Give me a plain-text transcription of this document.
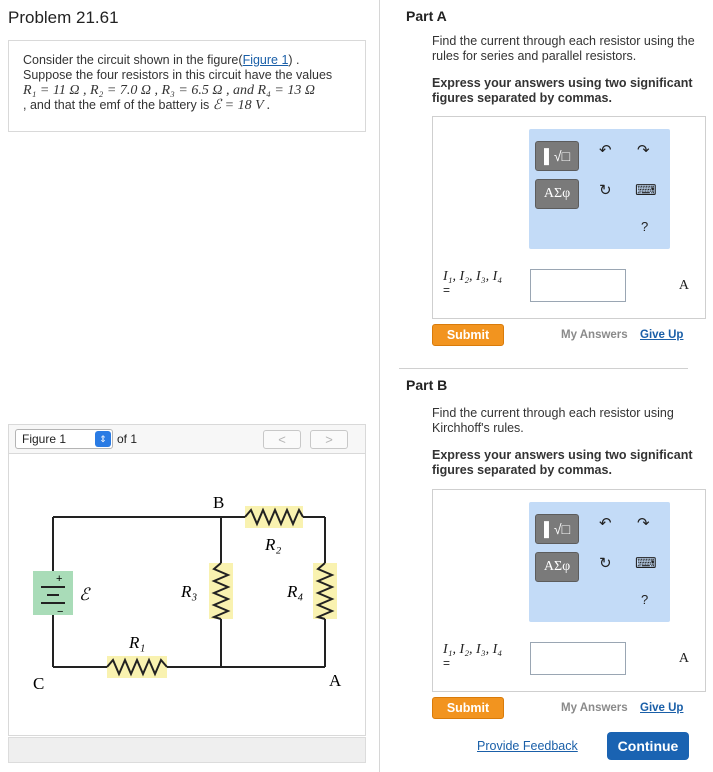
Problem 21.61
Consider the circuit shown in the figure(Figure 1) .
Suppose the four resistors in this circuit have the values
R₁ = 11 Ω , R₂ = 7.0 Ω , R₃ = 6.5 Ω , and R₄ = 13 Ω
, and that the emf of the battery is ℰ = 18 V .
Figure 1	⇕ of 1	<	>
+
−
ℰ
R₂
R₁
R₃	R₄
B
C	A
Part A
Find the current through each resistor using the rules for series and parallel resistors.
Express your answers using two significant figures separated by commas.
▌√□
ΑΣφ
↶ ↷
↻ ⌨
?
I₁, I₂, I₃, I₄
=	A
Submit	My Answers Give Up
Part B
Find the current through each resistor using Kirchhoff's rules.
Express your answers using two significant figures separated by commas.
▌√□
ΑΣφ
↶ ↷
↻ ⌨
?
I₁, I₂, I₃, I₄
=	A
Submit	My Answers Give Up
Provide Feedback	Continue
